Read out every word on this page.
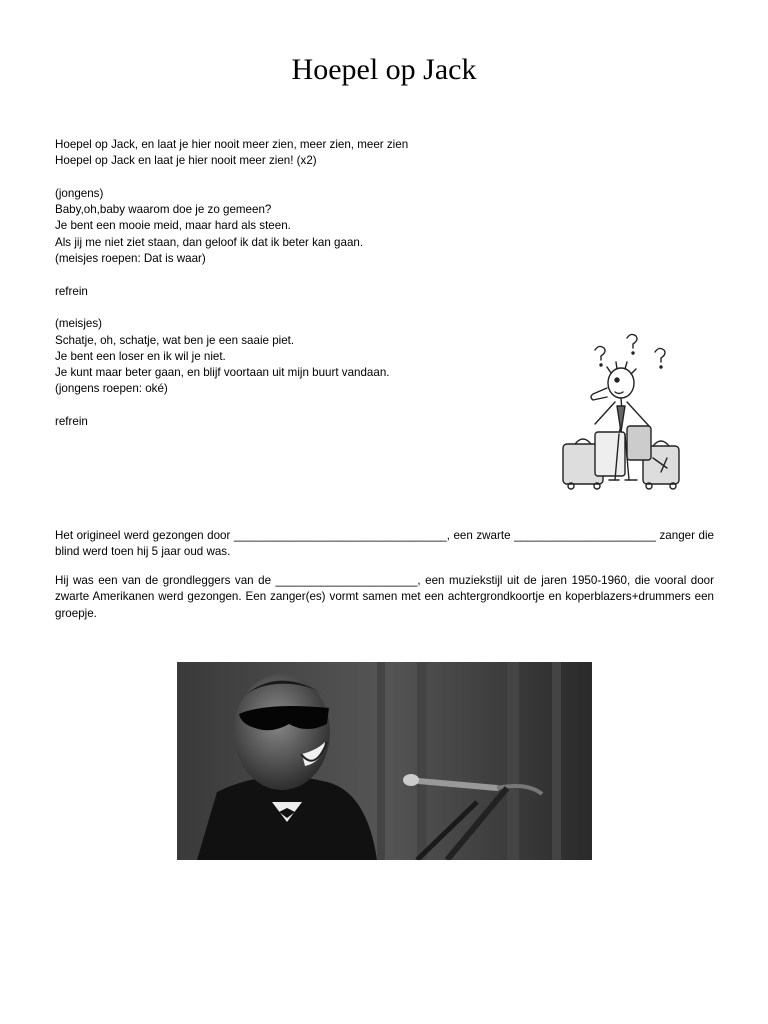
Hoepel op Jack
Hoepel op Jack, en laat je hier nooit meer zien, meer zien, meer zien
Hoepel op Jack en laat je hier nooit meer zien! (x2)
(jongens)
Baby,oh,baby waarom doe je zo gemeen?
Je bent een mooie meid, maar hard als steen.
Als jij me niet ziet staan, dan geloof ik dat ik beter kan gaan.
(meisjes roepen: Dat is waar)
refrein
(meisjes)
Schatje, oh, schatje, wat ben je een saaie piet.
Je bent een loser en ik wil je niet.
Je kunt maar beter gaan, en blijf voortaan uit mijn buurt vandaan.
(jongens roepen: oké)
refrein
Het origineel werd gezongen door _________________________________, een zwarte ______________________ zanger die blind werd toen hij 5 jaar oud was.
Hij was een van de grondleggers van de ______________________, een muziekstijl uit de jaren 1950-1960, die vooral door zwarte Amerikanen werd gezongen. Een zanger(es) vormt samen met een achtergrondkoortje en koperblazers+drummers een groepje.
